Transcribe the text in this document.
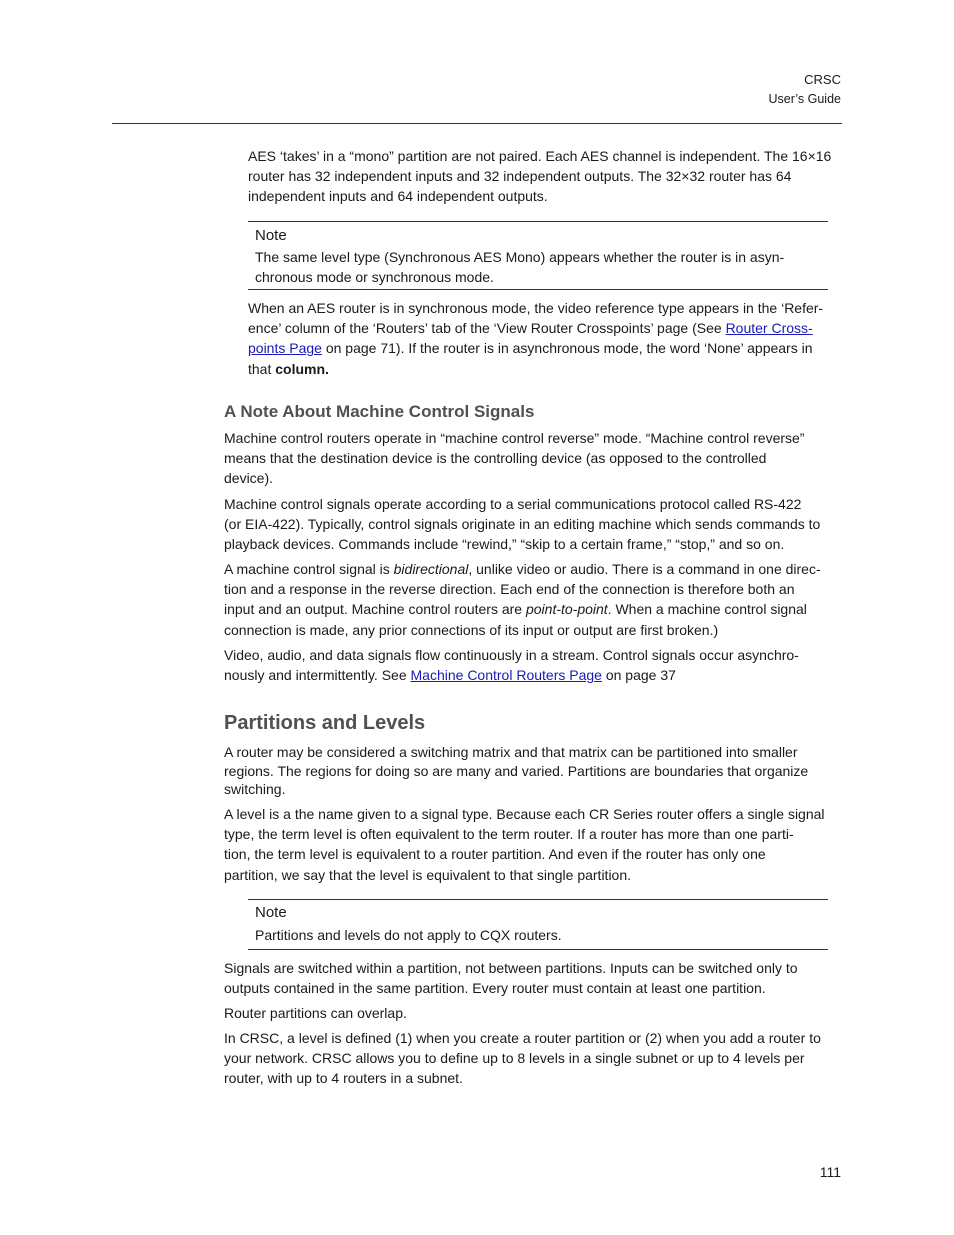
CRSC
User’s Guide

AES ‘takes’ in a “mono” partition are not paired. Each AES channel is independent. The 16×16

router has 32 independent inputs and 32 independent outputs. The 32×32 router has 64

independent inputs and 64 independent outputs.

Note

The same level type (Synchronous AES Mono) appears whether the router is in asyn-

chronous mode or synchronous mode.

When an AES router is in synchronous mode, the video reference type appears in the ‘Refer-

ence’ column of the ‘Routers’ tab of the ‘View Router Crosspoints’ page (See Router Cross-

points Page on page 71). If the router is in asynchronous mode, the word ‘None’ appears in

that column.

A Note About Machine Control Signals

Machine control routers operate in “machine control reverse” mode. “Machine control reverse”

means that the destination device is the controlling device (as opposed to the controlled

device).

Machine control signals operate according to a serial communications protocol called RS-422

(or EIA-422). Typically, control signals originate in an editing machine which sends commands to

playback devices. Commands include “rewind,” “skip to a certain frame,” “stop,” and so on.

A machine control signal is bidirectional, unlike video or audio. There is a command in one direc-

tion and a response in the reverse direction. Each end of the connection is therefore both an

input and an output. Machine control routers are point-to-point. When a machine control signal

connection is made, any prior connections of its input or output are first broken.)

Video, audio, and data signals flow continuously in a stream. Control signals occur asynchro-

nously and intermittently. See Machine Control Routers Page on page 37

Partitions and Levels

A router may be considered a switching matrix and that matrix can be partitioned into smaller

regions. The regions for doing so are many and varied. Partitions are boundaries that organize

switching.

A level is a the name given to a signal type. Because each CR Series router offers a single signal

type, the term level is often equivalent to the term router. If a router has more than one parti-

tion, the term level is equivalent to a router partition. And even if the router has only one

partition, we say that the level is equivalent to that single partition.

Note
Partitions and levels do not apply to CQX routers.

Signals are switched within a partition, not between partitions. Inputs can be switched only to

outputs contained in the same partition. Every router must contain at least one partition.

Router partitions can overlap.

In CRSC, a level is defined (1) when you create a router partition or (2) when you add a router to

your network. CRSC allows you to define up to 8 levels in a single subnet or up to 4 levels per

router, with up to 4 routers in a subnet.

111
